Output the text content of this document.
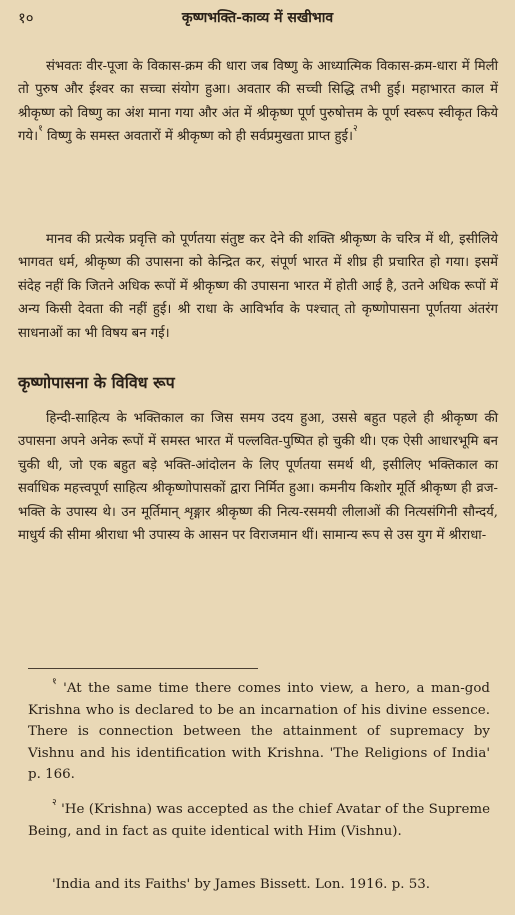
१०	कृष्णभक्ति-काव्य में सखीभाव

संभवतः वीर-पूजा के विकास-क्रम की धारा जब विष्णु के आध्यात्मिक विकास-क्रम-धारा में मिली तो पुरुष और ईश्वर का सच्चा संयोग हुआ। अवतार की सच्ची सिद्धि तभी हुई। महाभारत काल में श्रीकृष्ण को विष्णु का अंश माना गया और अंत में श्रीकृष्ण पूर्ण पुरुषोत्तम के पूर्ण स्वरूप स्वीकृत किये गये।$^१$ विष्णु के समस्त अवतारों में श्रीकृष्ण को ही सर्वप्रमुखता प्राप्त हुई।$^२$

मानव की प्रत्येक प्रवृत्ति को पूर्णतया संतुष्ट कर देने की शक्ति श्रीकृष्ण के चरित्र में थी, इसीलिये भागवत धर्म, श्रीकृष्ण की उपासना को केन्द्रित कर, संपूर्ण भारत में शीघ्र ही प्रचारित हो गया। इसमें संदेह नहीं कि जितने अधिक रूपों में श्रीकृष्ण की उपासना भारत में होती आई है, उतने अधिक रूपों में अन्य किसी देवता की नहीं हुई। श्री राधा के आविर्भाव के पश्चात् तो कृष्णोपासना पूर्णतया अंतरंग साधनाओं का भी विषय बन गई।

कृष्णोपासना के विविध रूप

हिन्दी-साहित्य के भक्तिकाल का जिस समय उदय हुआ, उससे बहुत पहले ही श्रीकृष्ण की उपासना अपने अनेक रूपों में समस्त भारत में पल्लवित-पुष्पित हो चुकी थी। एक ऐसी आधारभूमि बन चुकी थी, जो एक बहुत बड़े भक्ति-आंदोलन के लिए पूर्णतया समर्थ थी, इसीलिए भक्तिकाल का सर्वाधिक महत्त्वपूर्ण साहित्य श्रीकृष्णोपासकों द्वारा निर्मित हुआ। कमनीय किशोर मूर्ति श्रीकृष्ण ही व्रज-भक्ति के उपास्य थे। उन मूर्तिमान् शृङ्गार श्रीकृष्ण की नित्य-रसमयी लीलाओं की नित्यसंगिनी सौन्दर्य, माधुर्य की सीमा श्रीराधा भी उपास्य के आसन पर विराजमान थीं। सामान्य रूप से उस युग में श्रीराधा-

$^१$ 'At the same time there comes into view, a hero, a man-god Krishna who is declared to be an incarnation of his divine essence. There is connection between the attainment of supremacy by Vishnu and his identification with Krishna. 'The Religions of India' p. 166.

$^२$ 'He (Krishna) was accepted as the chief Avatar of the Supreme Being, and in fact as quite identical with Him (Vishnu).

'India and its Faiths' by James Bissett. Lon. 1916. p. 53.
